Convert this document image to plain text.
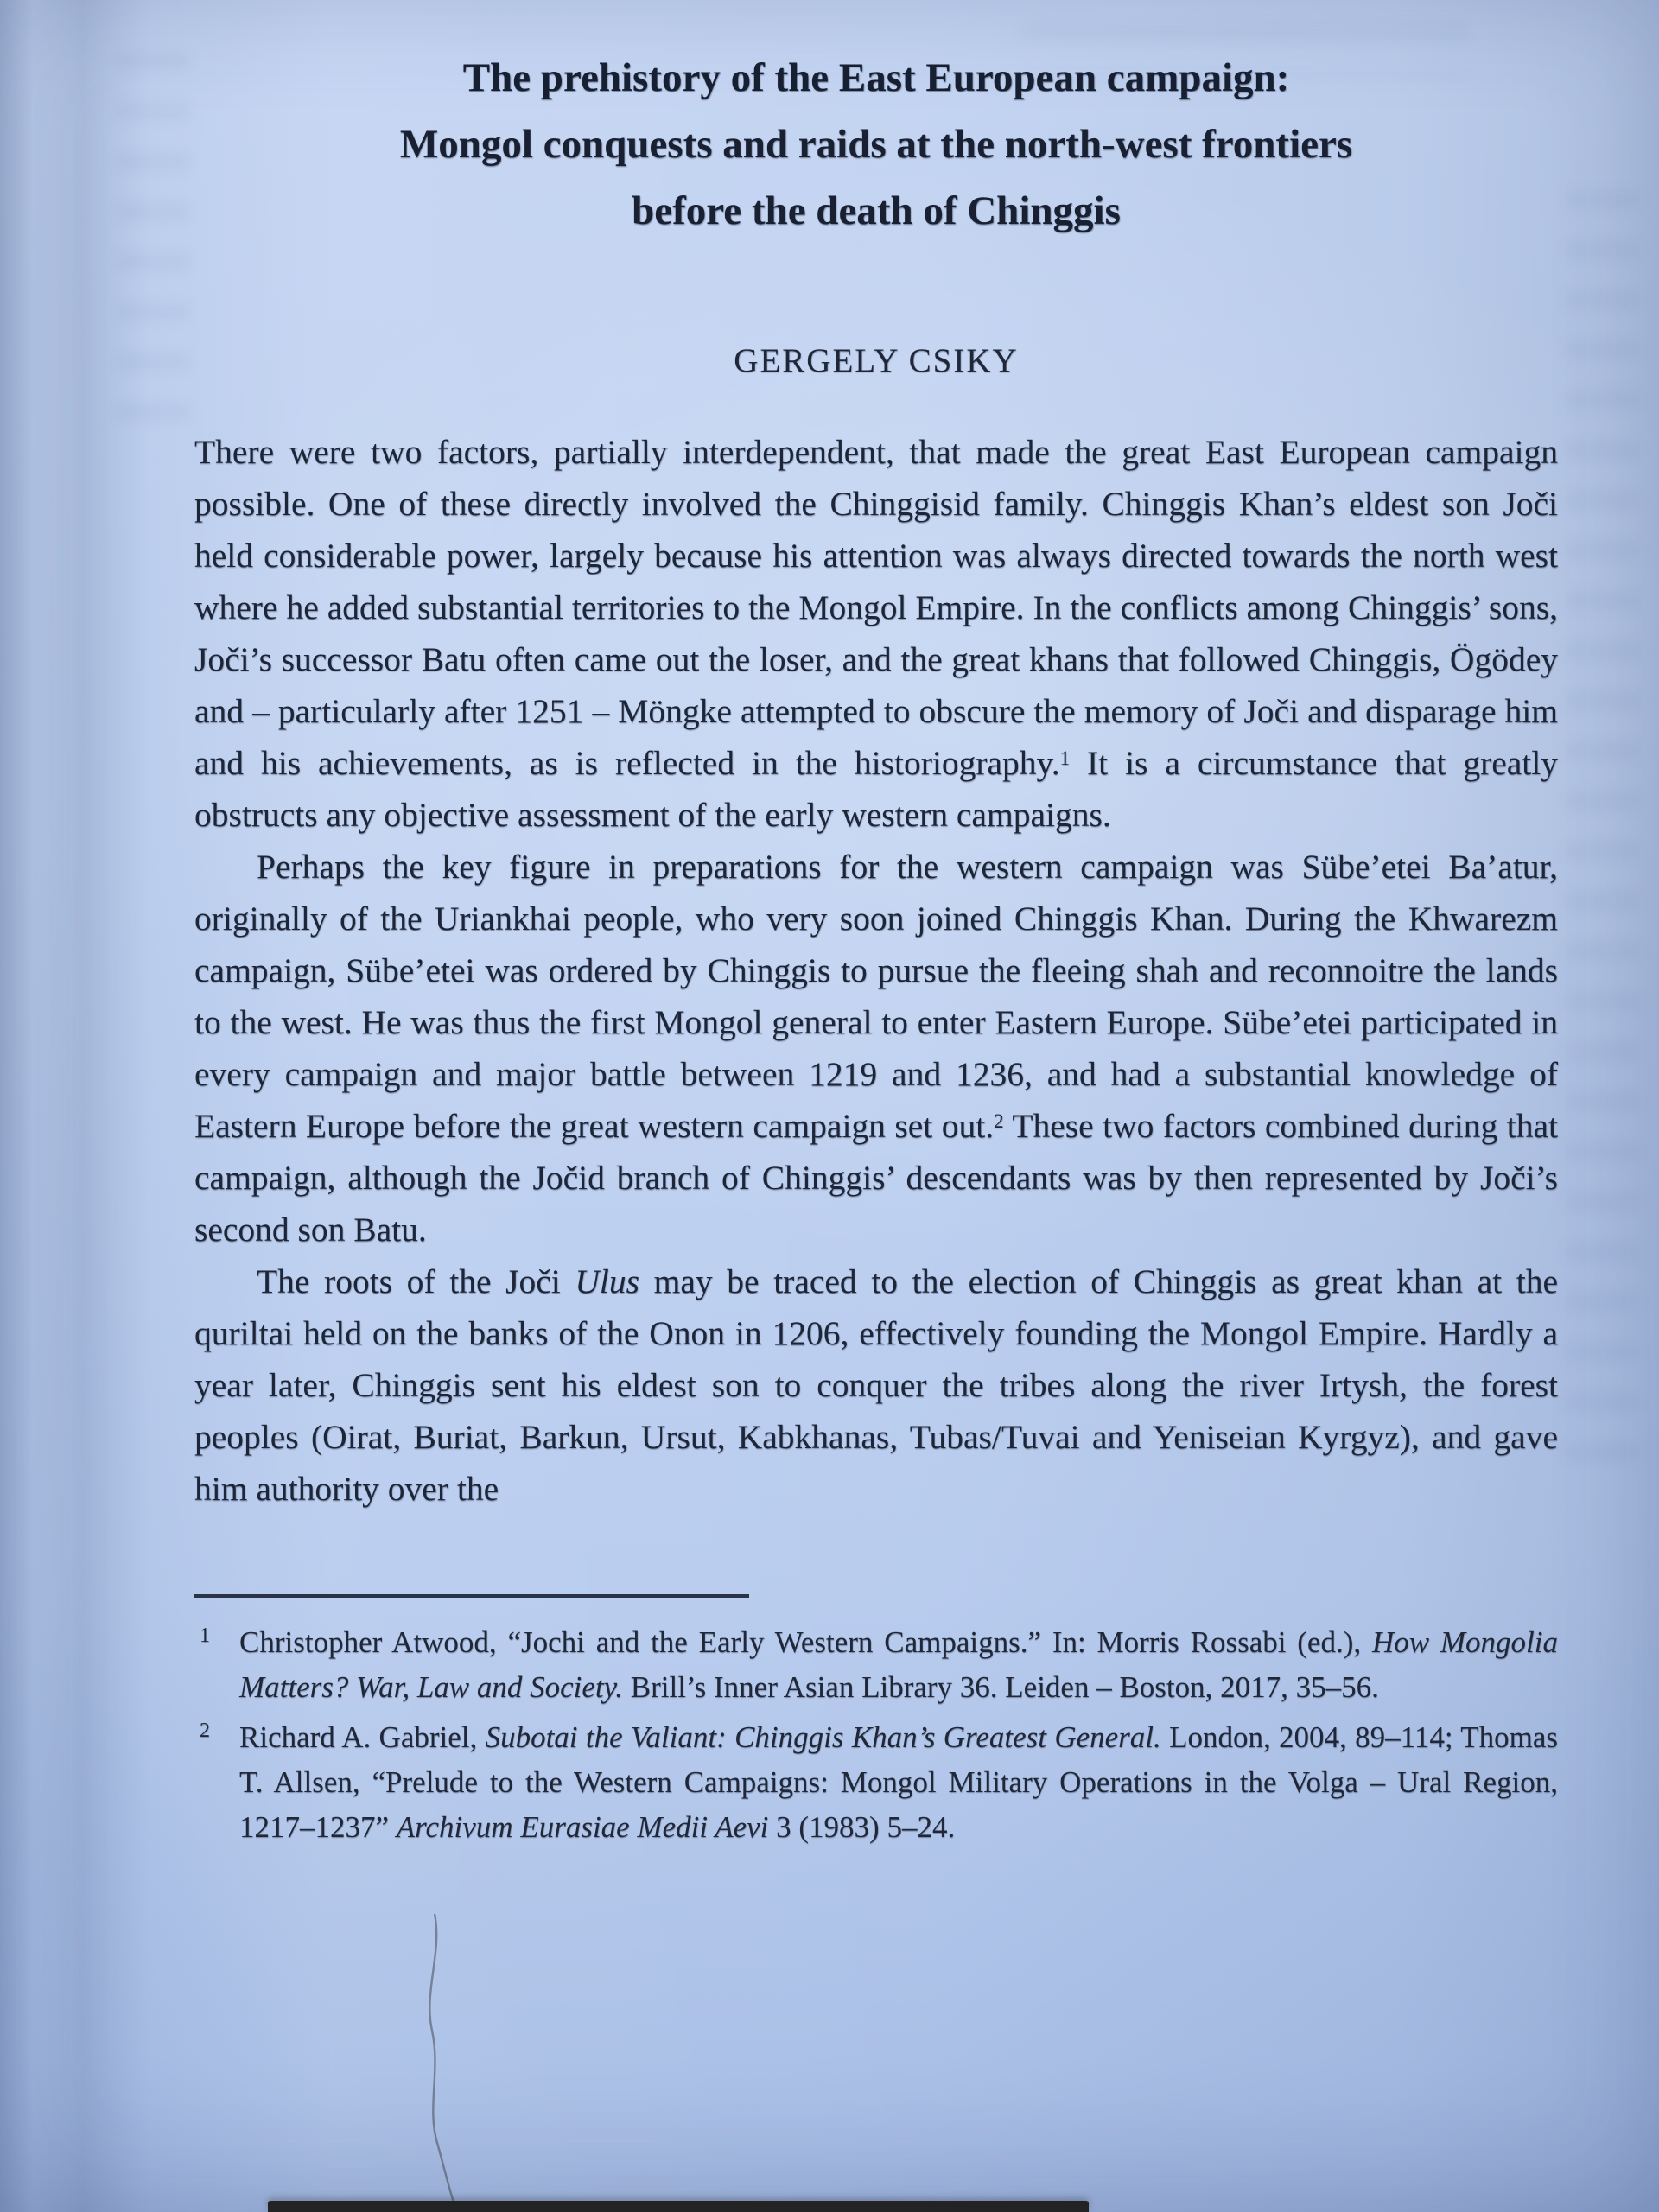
The prehistory of the East European campaign:
Mongol conquests and raids at the north-west frontiers
before the death of Chinggis
GERGELY CSIKY

There were two factors, partially interdependent, that made the great East European campaign possible. One of these directly involved the Chinggisid family. Chinggis Khan’s eldest son Joči held considerable power, largely because his attention was always directed towards the north west where he added substantial territories to the Mongol Empire. In the conflicts among Chinggis’ sons, Joči’s successor Batu often came out the loser, and the great khans that followed Chinggis, Ögödey and – particularly after 1251 – Möngke attempted to obscure the memory of Joči and disparage him and his achievements, as is reflected in the historiography.$^1$ It is a circumstance that greatly obstructs any objective assessment of the early western campaigns.

Perhaps the key figure in preparations for the western campaign was Sübe’etei Ba’atur, originally of the Uriankhai people, who very soon joined Chinggis Khan. During the Khwarezm campaign, Sübe’etei was ordered by Chinggis to pursue the fleeing shah and reconnoitre the lands to the west. He was thus the first Mongol general to enter Eastern Europe. Sübe’etei participated in every campaign and major battle between 1219 and 1236, and had a substantial knowledge of Eastern Europe before the great western campaign set out.$^2$ These two factors combined during that campaign, although the Jočid branch of Chinggis’ descendants was by then represented by Joči’s second son Batu.

The roots of the Joči Ulus may be traced to the election of Chinggis as great khan at the quriltai held on the banks of the Onon in 1206, effectively founding the Mongol Empire. Hardly a year later, Chinggis sent his eldest son to conquer the tribes along the river Irtysh, the forest peoples (Oirat, Buriat, Barkun, Ursut, Kabkhanas, Tubas/Tuvai and Yeniseian Kyrgyz), and gave him authority over the

1 Christopher Atwood, “Jochi and the Early Western Campaigns.” In: Morris Rossabi (ed.), How Mongolia Matters? War, Law and Society. Brill’s Inner Asian Library 36. Leiden – Boston, 2017, 35–56.
2 Richard A. Gabriel, Subotai the Valiant: Chinggis Khan’s Greatest General. London, 2004, 89–114; Thomas T. Allsen, “Prelude to the Western Campaigns: Mongol Military Operations in the Volga – Ural Region, 1217–1237” Archivum Eurasiae Medii Aevi 3 (1983) 5–24.
